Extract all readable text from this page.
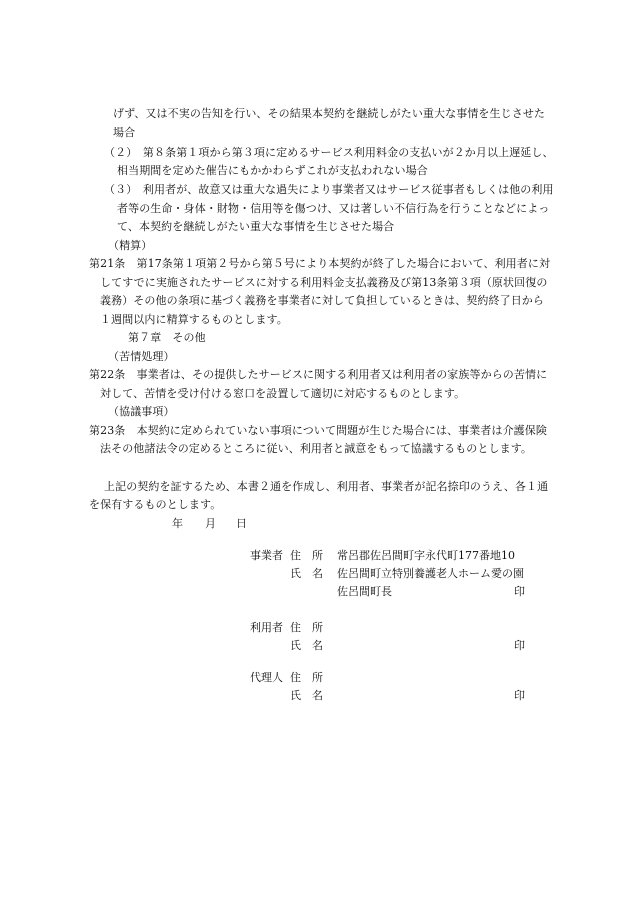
げず、又は不実の告知を行い、その結果本契約を継続しがたい重大な事情を生じさせた
場合
（２）　第８条第１項から第３項に定めるサービス利用料金の支払いが２か月以上遅延し、
相当期間を定めた催告にもかかわらずこれが支払われない場合
（３）　利用者が、故意又は重大な過失により事業者又はサービス従事者もしくは他の利用
者等の生命・身体・財物・信用等を傷つけ、又は著しい不信行為を行うことなどによっ
て、本契約を継続しがたい重大な事情を生じさせた場合
（精算）
第21条　第17条第１項第２号から第５号により本契約が終了した場合において、利用者に対
してすでに実施されたサービスに対する利用料金支払義務及び第13条第３項（原状回復の
義務）その他の条項に基づく義務を事業者に対して負担しているときは、契約終了日から
１週間以内に精算するものとします。
第７章　その他
（苦情処理）
第22条　事業者は、その提供したサービスに関する利用者又は利用者の家族等からの苦情に
対して、苦情を受け付ける窓口を設置して適切に対応するものとします。
（協議事項）
第23条　本契約に定められていない事項について問題が生じた場合には、事業者は介護保険
法その他諸法令の定めるところに従い、利用者と誠意をもって協議するものとします。
上記の契約を証するため、本書２通を作成し、利用者、事業者が記名捺印のうえ、各１通
を保有するものとします。
年 月 日
事業者 住　所 常呂郡佐呂間町字永代町177番地10
氏　名 佐呂間町立特別養護老人ホーム愛の園
佐呂間町長	印
利用者 住　所
氏　名	印
代理人 住　所
氏　名	印
